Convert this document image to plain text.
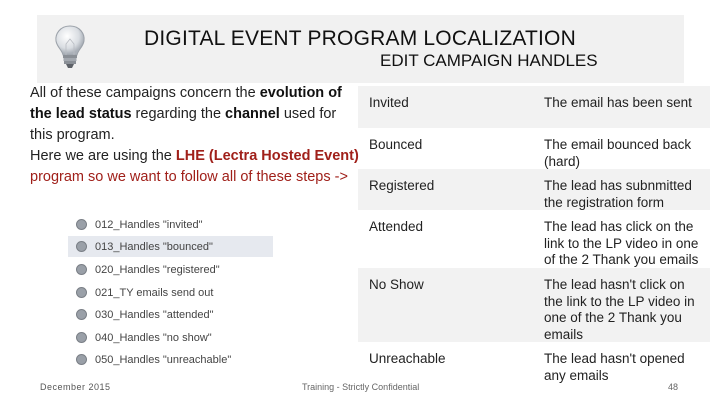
DIGITAL EVENT PROGRAM LOCALIZATION
EDIT CAMPAIGN HANDLES
All of these campaigns concern the evolution of the lead status regarding the channel used for this program.
Here we are using the LHE (Lectra Hosted Event) program so we want to follow all of these steps ->
012_Handles "invited"
013_Handles "bounced"
020_Handles "registered"
021_TY emails send out
030_Handles "attended"
040_Handles "no show"
050_Handles "unreachable"
Invited	The email has been sent
Bounced	The email bounced back (hard)
Registered	The lead has subnmitted the registration form
Attended	The lead has click on the link to the LP video in one of the 2 Thank you emails
No Show	The lead hasn't click on the link to the LP video in one of the 2 Thank you emails
Unreachable	The lead hasn't opened any emails
December 2015	Training - Strictly Confidential	48
